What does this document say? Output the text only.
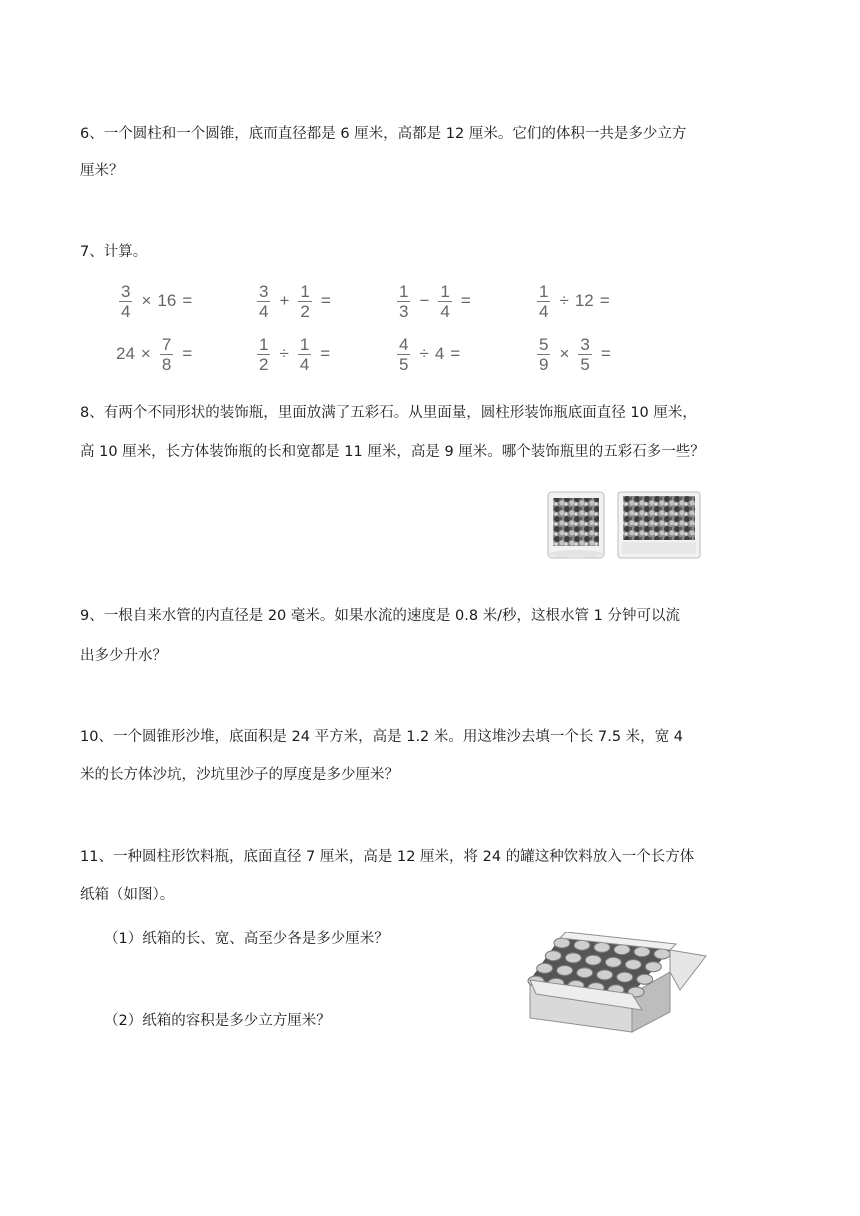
6、一个圆柱和一个圆锥，底而直径都是 6 厘米，高都是 12 厘米。它们的体积一共是多少立方
厘米？
7、计算。
$\frac{3}{4} \times 16$ =	$\frac{3}{4} + \frac{1}{2}$ =	$\frac{1}{3} - \frac{1}{4}$ =	$\frac{1}{4} \div 12$ =
$24 \times \frac{7}{8}$ =	$\frac{1}{2} \div \frac{1}{4}$ =	$\frac{4}{5} \div 4$ =	$\frac{5}{9} \times \frac{3}{5}$ =
8、有两个不同形状的装饰瓶，里面放满了五彩石。从里面量，圆柱形装饰瓶底面直径 10 厘米，
高 10 厘米，长方体装饰瓶的长和宽都是 11 厘米，高是 9 厘米。哪个装饰瓶里的五彩石多一些？
9、一根自来水管的内直径是 20 毫米。如果水流的速度是 0.8 米/秒，这根水管 1 分钟可以流
出多少升水？
10、一个圆锥形沙堆，底面积是 24 平方米，高是 1.2 米。用这堆沙去填一个长 7.5 米，宽 4
米的长方体沙坑，沙坑里沙子的厚度是多少厘米？
11、一种圆柱形饮料瓶，底面直径 7 厘米，高是 12 厘米，将 24 的罐这种饮料放入一个长方体
纸箱（如图）。
（1）纸箱的长、宽、高至少各是多少厘米？
（2）纸箱的容积是多少立方厘米？
